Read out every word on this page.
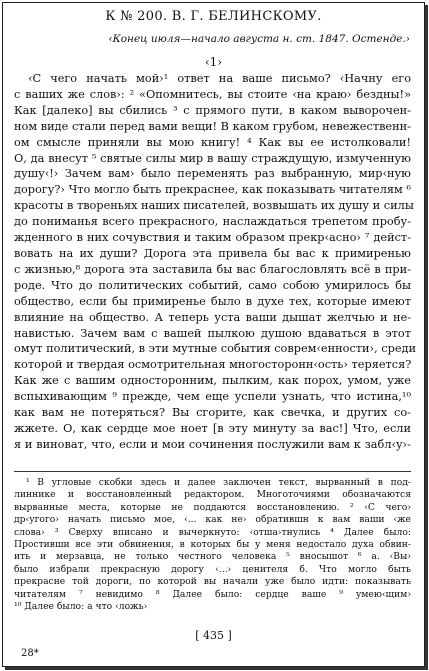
К № 200. В. Г. БЕЛИНСКОМУ.
‹Конец июля—начало августа н. ст. 1847. Остенде.›
‹1›

‹С чего начать мой›¹ ответ на ваше письмо? ‹Начну его

с ваших же слов›: ² «Опомнитесь, вы стоите ‹на краю› бездны!»

Как [далеко] вы сбились ³ с прямого пути, в каком выворочен-

ном виде стали перед вами вещи! В каком грубом, невежественн-

ом смысле приняли вы мою книгу! ⁴ Как вы ее истолковали!

О, да внесут ⁵ святые силы мир в вашу страждущую, измученную

душу‹!› Зачем вам› было переменять раз выбранную, мир‹ную

дорогу?› Что могло быть прекраснее, как показывать читателям ⁶

красоты в твореньях наших писателей, возвышать их душу и силы

до пониманья всего прекрасного, наслаждаться трепетом пробу-

жденного в них сочувствия и таким образом прекр‹асно› ⁷ дейст-

вовать на их души? Дорога эта привела бы вас к примиренью

с жизнью,⁸ дорога эта заставила бы вас благословлять всё в при-

роде. Что до политических событий, само собою умирилось бы

общество, если бы примиренье было в духе тех, которые имеют

влияние на общество. А теперь уста ваши дышат желчью и не-

навистью. Зачем вам с вашей пылкою душою вдаваться в этот

омут политический, в эти мутные события соврем‹енности›, среди

которой и твердая осмотрительная многосторонн‹ость› теряется?

Как же с вашим односторонним, пылким, как порох, умом, уже

вспыхивающим ⁹ прежде, чем еще успели узнать, что истина,¹⁰

как вам не потеряться? Вы сгорите, как свечка, и других со-

жжете. О, как сердце мое ноет [в эту минуту за вас!] Что, если

я и виноват, что, если и мои сочинения послужили вам к забл‹у›-

¹ В угловые скобки здесь и далее заключен текст, вырванный в под-

линнике и восстановленный редактором. Многоточиями обозначаются

вырванные места, которые не поддаются восстановлению. ² ‹С чего›

др‹угого› начать письмо мое, ‹... как не› обратившн к вам ваши ‹же

слова› ³ Сверху вписано и вычеркнуто: ‹отша›тнулись ⁴ Далее было:

Простивши все эти обвинения, в которых бы у меня недостало духа обвин-

ить и мерзавца, не только честного человека ⁵ вносышот ⁶ а. ‹Вы›

было избрали прекрасную дорогу ‹...› ценителя б. Что могло быть

прекрасне той дороги, по которой вы начали уже было идти: показывать

читателям ⁷ невидимо ⁸ Далее было: сердце ваше ⁹ умею‹щим›

¹⁰ Далее было: а что ‹ложь›

[ 435 ]
28*
